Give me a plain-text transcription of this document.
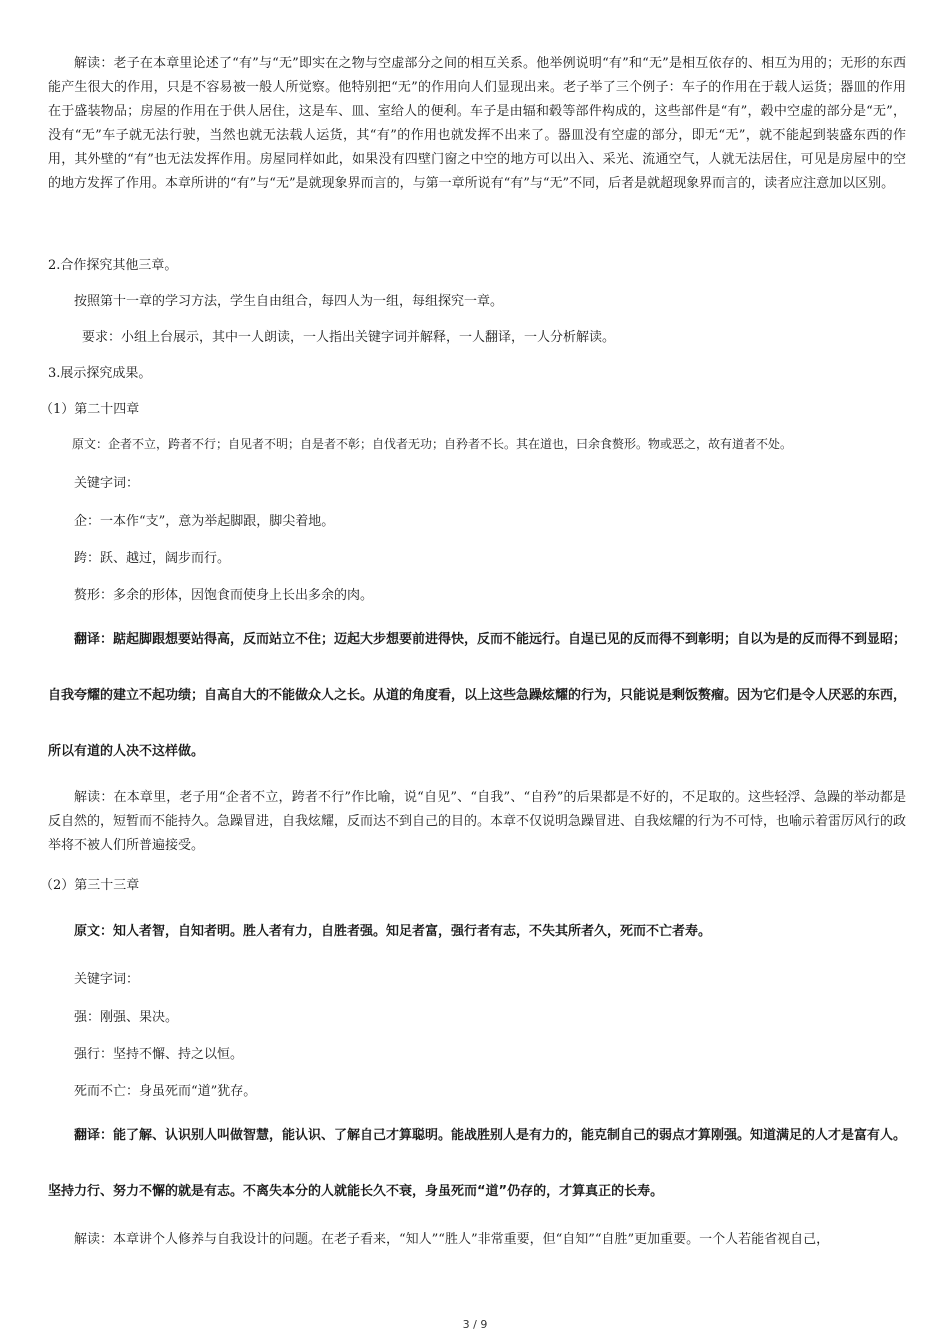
解读：老子在本章里论述了“有”与“无”即实在之物与空虚部分之间的相互关系。他举例说明“有”和“无”是相互依存的、相互为用的；无形的东西能产生很大的作用，只是不容易被一般人所觉察。他特别把“无”的作用向人们显现出来。老子举了三个例子：车子的作用在于载人运货；器皿的作用在于盛装物品；房屋的作用在于供人居住，这是车、皿、室给人的便利。车子是由辐和毂等部件构成的，这些部件是“有”，毂中空虚的部分是“无”，没有“无”车子就无法行驶，当然也就无法载人运货，其“有”的作用也就发挥不出来了。器皿没有空虚的部分，即无“无”，就不能起到装盛东西的作用，其外壁的“有”也无法发挥作用。房屋同样如此，如果没有四壁门窗之中空的地方可以出入、采光、流通空气，人就无法居住，可见是房屋中的空的地方发挥了作用。本章所讲的“有”与“无”是就现象界而言的，与第一章所说有“有”与“无”不同，后者是就超现象界而言的，读者应注意加以区别。

2.合作探究其他三章。

按照第十一章的学习方法，学生自由组合，每四人为一组，每组探究一章。

要求：小组上台展示，其中一人朗读，一人指出关键字词并解释，一人翻译，一人分析解读。

3.展示探究成果。

（1）第二十四章

原文：企者不立，跨者不行；自见者不明；自是者不彰；自伐者无功；自矜者不长。其在道也，曰余食赘形。物或恶之，故有道者不处。

关键字词：

企：一本作“支”，意为举起脚跟，脚尖着地。

跨：跃、越过，阔步而行。

赘形：多余的形体，因饱食而使身上长出多余的肉。

翻译：踮起脚跟想要站得高，反而站立不住；迈起大步想要前进得快，反而不能远行。自逞已见的反而得不到彰明；自以为是的反而得不到显昭；自我夸耀的建立不起功绩；自高自大的不能做众人之长。从道的角度看，以上这些急躁炫耀的行为，只能说是剩饭赘瘤。因为它们是令人厌恶的东西，所以有道的人决不这样做。

解读：在本章里，老子用“企者不立，跨者不行”作比喻，说“自见”、“自我”、“自矜”的后果都是不好的，不足取的。这些轻浮、急躁的举动都是反自然的，短暂而不能持久。急躁冒进，自我炫耀，反而达不到自己的目的。本章不仅说明急躁冒进、自我炫耀的行为不可恃，也喻示着雷厉风行的政举将不被人们所普遍接受。

（2）第三十三章

原文：知人者智，自知者明。胜人者有力，自胜者强。知足者富，强行者有志，不失其所者久，死而不亡者寿。

关键字词：

强：刚强、果决。

强行：坚持不懈、持之以恒。

死而不亡：身虽死而“道”犹存。

翻译：能了解、认识别人叫做智慧，能认识、了解自己才算聪明。能战胜别人是有力的，能克制自己的弱点才算刚强。知道满足的人才是富有人。坚持力行、努力不懈的就是有志。不离失本分的人就能长久不衰，身虽死而“道”仍存的，才算真正的长寿。

解读：本章讲个人修养与自我设计的问题。在老子看来，“知人”“胜人”非常重要，但“自知”“自胜”更加重要。一个人若能省视自己，

3 / 9
